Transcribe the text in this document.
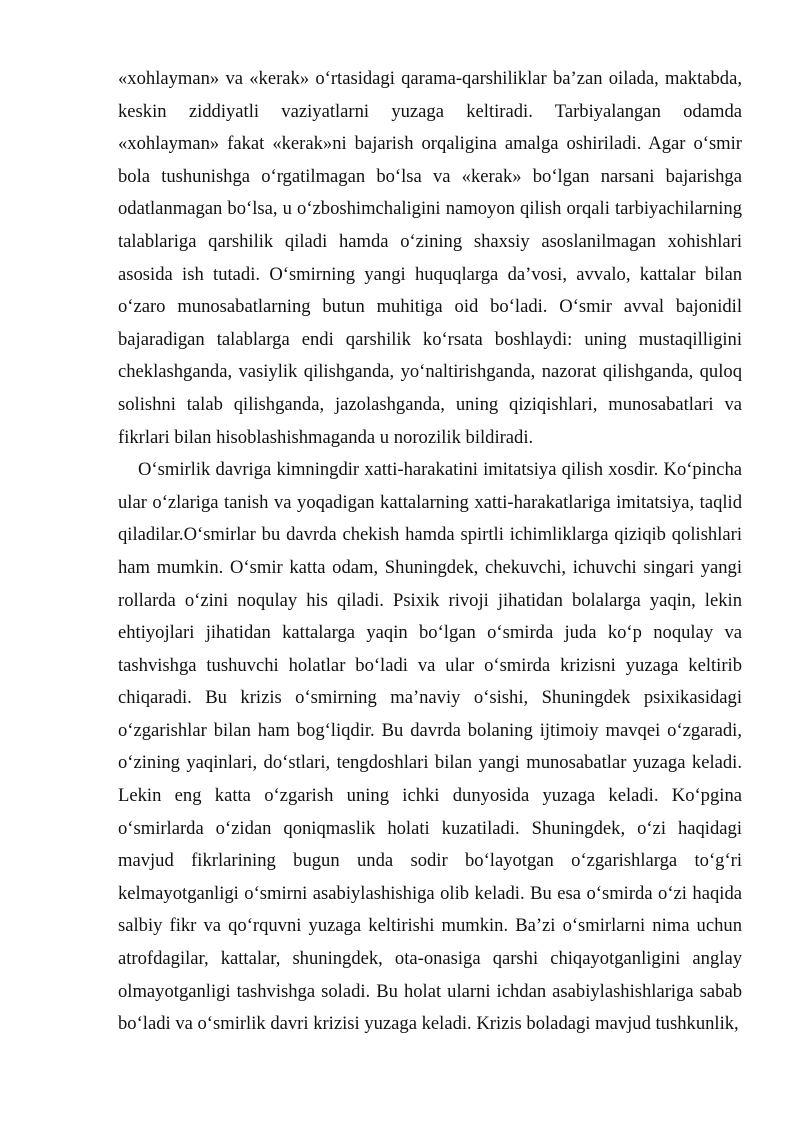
«xohlayman» va «kerak» o‘rtasidagi qarama-qarshiliklar ba’zan oilada, maktabda, keskin ziddiyatli vaziyatlarni yuzaga keltiradi. Tarbiyalangan odamda «xohlayman» fakat «kerak»ni bajarish orqaligina amalga oshiriladi. Agar o‘smir bola tushunishga o‘rgatilmagan bo‘lsa va «kerak» bo‘lgan narsani bajarishga odatlanmagan bo‘lsa, u o‘zboshimchaligini namoyon qilish orqali tarbiyachilarning talablariga qarshilik qiladi hamda o‘zining shaxsiy asoslanilmagan xohishlari asosida ish tutadi. O‘smirning yangi huquqlarga da’vosi, avvalo, kattalar bilan o‘zaro munosabatlarning butun muhitiga oid bo‘ladi. O‘smir avval bajonidil bajaradigan talablarga endi qarshilik ko‘rsata boshlaydi: uning mustaqilligini cheklashganda, vasiylik qilishganda, yo‘naltirishganda, nazorat qilishganda, quloq solishni talab qilishganda, jazolashganda, uning qiziqishlari, munosabatlari va fikrlari bilan hisoblashishmaganda u norozilik bildiradi.

O‘smirlik davriga kimningdir xatti-harakatini imitatsiya qilish xosdir. Ko‘pincha ular o‘zlariga tanish va yoqadigan kattalarning xatti-harakatlariga imitatsiya, taqlid qiladilar.O‘smirlar bu davrda chekish hamda spirtli ichimliklarga qiziqib qolishlari ham mumkin. O‘smir katta odam, Shuningdek, chekuvchi, ichuvchi singari yangi rollarda o‘zini noqulay his qiladi. Psixik rivoji jihatidan bolalarga yaqin, lekin ehtiyojlari jihatidan kattalarga yaqin bo‘lgan o‘smirda juda ko‘p noqulay va tashvishga tushuvchi holatlar bo‘ladi va ular o‘smirda krizisni yuzaga keltirib chiqaradi. Bu krizis o‘smirning ma’naviy o‘sishi, Shuningdek psixikasidagi o‘zgarishlar bilan ham bog‘liqdir. Bu davrda bolaning ijtimoiy mavqei o‘zgaradi, o‘zining yaqinlari, do‘stlari, tengdoshlari bilan yangi munosabatlar yuzaga keladi. Lekin eng katta o‘zgarish uning ichki dunyosida yuzaga keladi. Ko‘pgina o‘smirlarda o‘zidan qoniqmaslik holati kuzatiladi. Shuningdek, o‘zi haqidagi mavjud fikrlarining bugun unda sodir bo‘layotgan o‘zgarishlarga to‘g‘ri kelmayotganligi o‘smirni asabiylashishiga olib keladi. Bu esa o‘smirda o‘zi haqida salbiy fikr va qo‘rquvni yuzaga keltirishi mumkin. Ba’zi o‘smirlarni nima uchun atrofdagilar, kattalar, shuningdek, ota-onasiga qarshi chiqayotganligini anglay olmayotganligi tashvishga soladi. Bu holat ularni ichdan asabiylashishlariga sabab bo‘ladi va o‘smirlik davri krizisi yuzaga keladi. Krizis boladagi mavjud tushkunlik,
